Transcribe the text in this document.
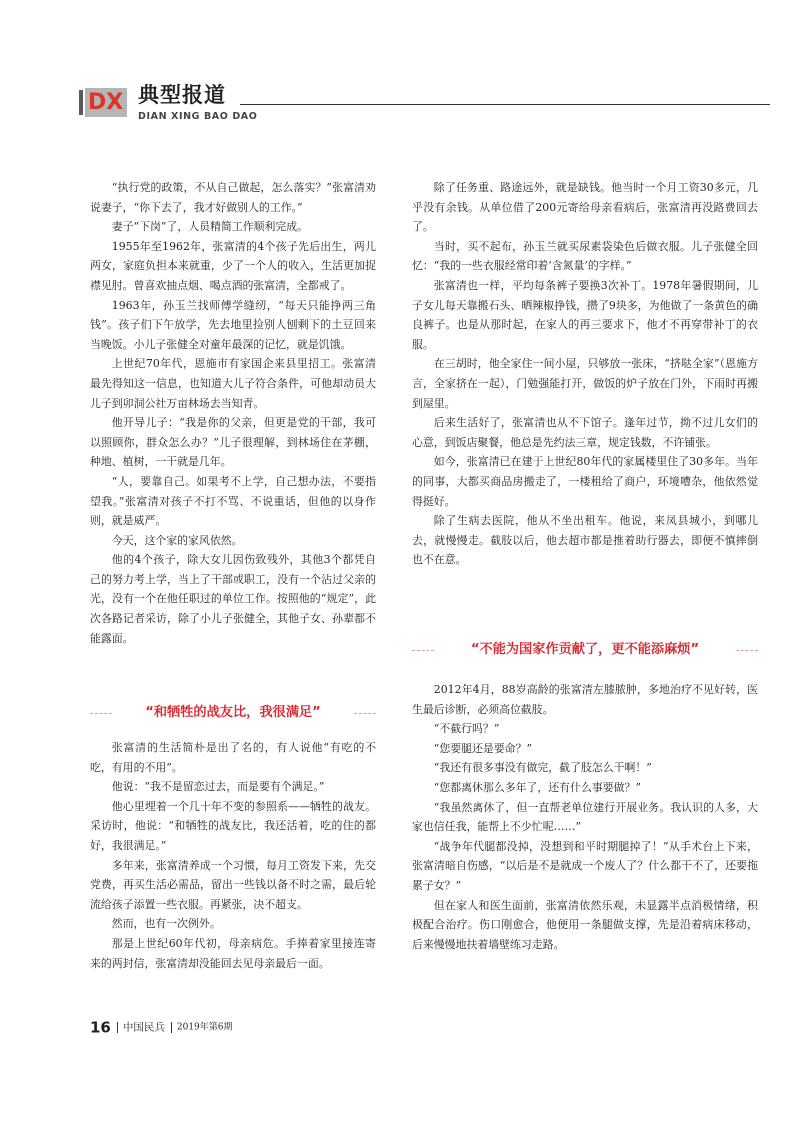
DX 典型报道
DIAN XING BAO DAO

“执行党的政策，不从自己做起，怎么落实？”张富清劝说妻子，“你下去了，我才好做别人的工作。”

妻子“下岗”了，人员精简工作顺利完成。

1955年至1962年，张富清的4个孩子先后出生，两儿两女，家庭负担本来就重，少了一个人的收入，生活更加捉襟见肘。曾喜欢抽点烟、喝点酒的张富清，全都戒了。

1963年，孙玉兰找师傅学缝纫，“每天只能挣两三角钱”。孩子们下午放学，先去地里捡别人刨剩下的土豆回来当晚饭。小儿子张健全对童年最深的记忆，就是饥饿。

上世纪70年代，恩施市有家国企来县里招工。张富清最先得知这一信息，也知道大儿子符合条件，可他却动员大儿子到卯洞公社万亩林场去当知青。

他开导儿子：“我是你的父亲，但更是党的干部，我可以照顾你，群众怎么办？”儿子很理解，到林场住在茅棚，种地、植树，一干就是几年。

“人，要靠自己。如果考不上学，自己想办法，不要指望我。”张富清对孩子不打不骂、不说重话，但他的以身作则，就是威严。

今天，这个家的家风依然。

他的4个孩子，除大女儿因伤致残外，其他3个都凭自己的努力考上学，当上了干部或职工，没有一个沾过父亲的光，没有一个在他任职过的单位工作。按照他的“规定”，此次各路记者采访，除了小儿子张健全，其他子女、孙辈都不能露面。

“和牺牲的战友比，我很满足”

张富清的生活简朴是出了名的，有人说他“有吃的不吃，有用的不用”。

他说：“我不是留恋过去，而是要有个满足。”

他心里埋着一个几十年不变的参照系——牺牲的战友。采访时，他说：“和牺牲的战友比，我还活着，吃的住的都好，我很满足。”

多年来，张富清养成一个习惯，每月工资发下来，先交党费，再买生活必需品，留出一些钱以备不时之需，最后轮流给孩子添置一些衣服。再紧张，决不超支。

然而，也有一次例外。

那是上世纪60年代初，母亲病危。手捧着家里接连寄来的两封信，张富清却没能回去见母亲最后一面。

除了任务重、路途远外，就是缺钱。他当时一个月工资30多元，几乎没有余钱。从单位借了200元寄给母亲看病后，张富清再没路费回去了。

当时，买不起布，孙玉兰就买尿素袋染色后做衣服。儿子张健全回忆：“我的一些衣服经常印着‘含氮量’的字样。”

张富清也一样，平均每条裤子要换3次补丁。1978年暑假期间，儿子女儿每天靠搬石头、晒辣椒挣钱，攒了9块多，为他做了一条黄色的确良裤子。也是从那时起，在家人的再三要求下，他才不再穿带补丁的衣服。

在三胡时，他全家住一间小屋，只够放一张床，“挤哒全家”（恩施方言，全家挤在一起），门勉强能打开，做饭的炉子放在门外，下雨时再搬到屋里。

后来生活好了，张富清也从不下馆子。逢年过节，拗不过儿女们的心意，到饭店聚餐，他总是先约法三章，规定钱数，不许铺张。

如今，张富清已在建于上世纪80年代的家属楼里住了30多年。当年的同事，大都买商品房搬走了，一楼租给了商户，环境嘈杂，他依然觉得挺好。

除了生病去医院，他从不坐出租车。他说，来凤县城小，到哪儿去，就慢慢走。截肢以后，他去超市都是推着助行器去，即便不慎摔倒也不在意。

“不能为国家作贡献了，更不能添麻烦”

2012年4月，88岁高龄的张富清左膝脓肿，多地治疗不见好转，医生最后诊断，必须高位截肢。

“不截行吗？”

“您要腿还是要命？”

“我还有很多事没有做完，截了肢怎么干啊！”

“您都离休那么多年了，还有什么事要做？”

“我虽然离休了，但一直帮老单位建行开展业务。我认识的人多，大家也信任我，能帮上不少忙呢……”

“战争年代腿都没掉，没想到和平时期腿掉了！”从手术台上下来，张富清暗自伤感，“以后是不是就成一个废人了？什么都干不了，还要拖累子女？”

但在家人和医生面前，张富清依然乐观，未显露半点消极情绪，积极配合治疗。伤口刚愈合，他便用一条腿做支撑，先是沿着病床移动，后来慢慢地扶着墙壁练习走路。

16 中国民兵 2019年第6期
